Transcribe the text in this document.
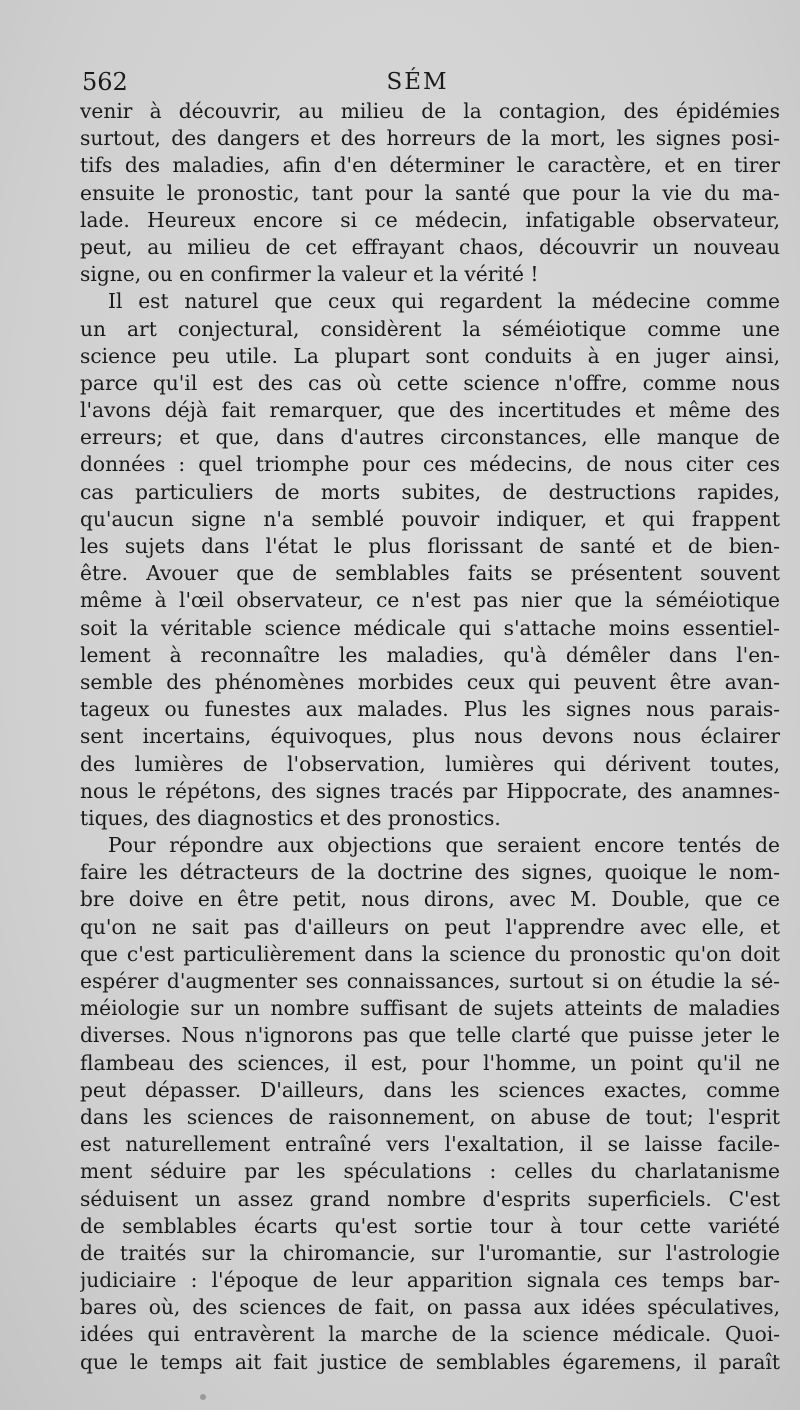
562	SÉM
venir à découvrir, au milieu de la contagion, des épidémies
surtout, des dangers et des horreurs de la mort, les signes posi-
tifs des maladies, afin d'en déterminer le caractère, et en tirer
ensuite le pronostic, tant pour la santé que pour la vie du ma-
lade. Heureux encore si ce médecin, infatigable observateur,
peut, au milieu de cet effrayant chaos, découvrir un nouveau
signe, ou en confirmer la valeur et la vérité !
Il est naturel que ceux qui regardent la médecine comme
un art conjectural, considèrent la séméiotique comme une
science peu utile. La plupart sont conduits à en juger ainsi,
parce qu'il est des cas où cette science n'offre, comme nous
l'avons déjà fait remarquer, que des incertitudes et même des
erreurs; et que, dans d'autres circonstances, elle manque de
données : quel triomphe pour ces médecins, de nous citer ces
cas particuliers de morts subites, de destructions rapides,
qu'aucun signe n'a semblé pouvoir indiquer, et qui frappent
les sujets dans l'état le plus florissant de santé et de bien-
être. Avouer que de semblables faits se présentent souvent
même à l'œil observateur, ce n'est pas nier que la séméiotique
soit la véritable science médicale qui s'attache moins essentiel-
lement à reconnaître les maladies, qu'à démêler dans l'en-
semble des phénomènes morbides ceux qui peuvent être avan-
tageux ou funestes aux malades. Plus les signes nous parais-
sent incertains, équivoques, plus nous devons nous éclairer
des lumières de l'observation, lumières qui dérivent toutes,
nous le répétons, des signes tracés par Hippocrate, des anamnes-
tiques, des diagnostics et des pronostics.
Pour répondre aux objections que seraient encore tentés de
faire les détracteurs de la doctrine des signes, quoique le nom-
bre doive en être petit, nous dirons, avec M. Double, que ce
qu'on ne sait pas d'ailleurs on peut l'apprendre avec elle, et
que c'est particulièrement dans la science du pronostic qu'on doit
espérer d'augmenter ses connaissances, surtout si on étudie la sé-
méiologie sur un nombre suffisant de sujets atteints de maladies
diverses. Nous n'ignorons pas que telle clarté que puisse jeter le
flambeau des sciences, il est, pour l'homme, un point qu'il ne
peut dépasser. D'ailleurs, dans les sciences exactes, comme
dans les sciences de raisonnement, on abuse de tout; l'esprit
est naturellement entraîné vers l'exaltation, il se laisse facile-
ment séduire par les spéculations : celles du charlatanisme
séduisent un assez grand nombre d'esprits superficiels. C'est
de semblables écarts qu'est sortie tour à tour cette variété
de traités sur la chiromancie, sur l'uromantie, sur l'astrologie
judiciaire : l'époque de leur apparition signala ces temps bar-
bares où, des sciences de fait, on passa aux idées spéculatives,
idées qui entravèrent la marche de la science médicale. Quoi-
que le temps ait fait justice de semblables égaremens, il paraît
